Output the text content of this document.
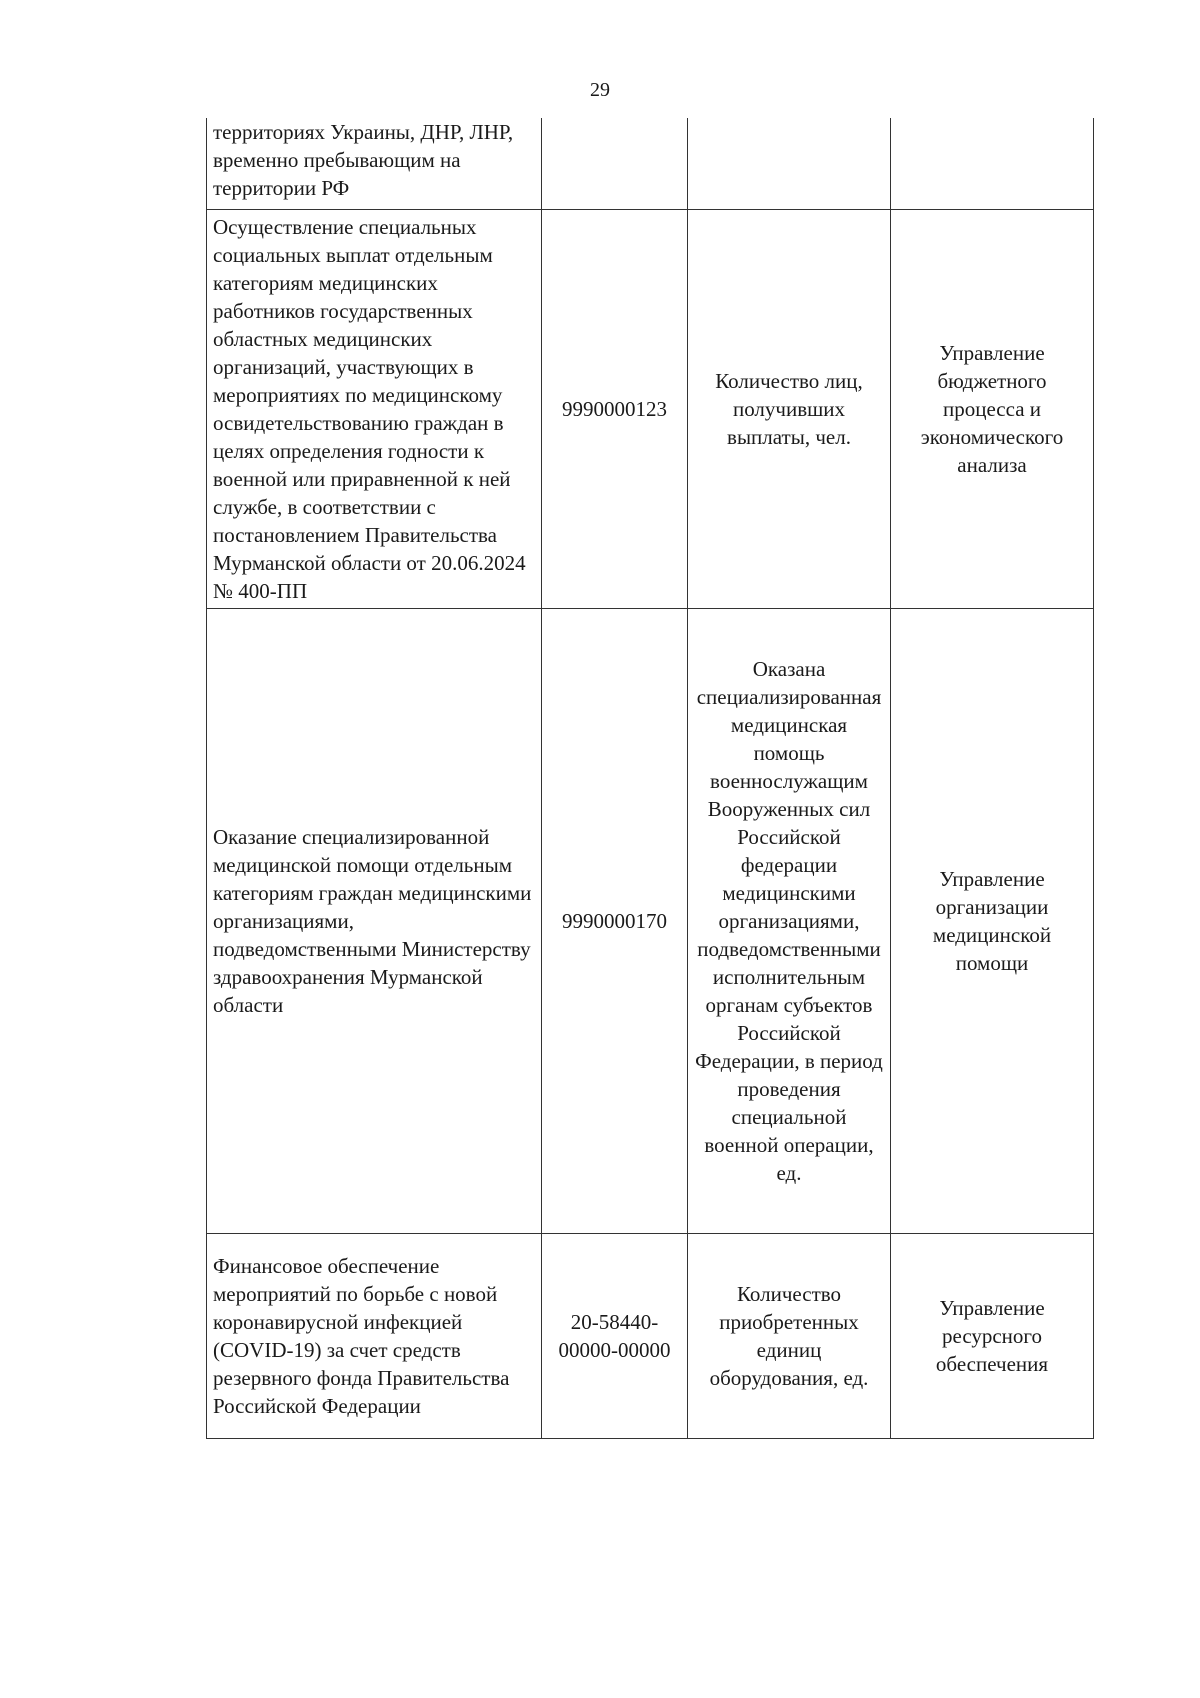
29
территориях Украины, ДНР, ЛНР, временно пребывающим на территории РФ			
Осуществление специальных социальных выплат отдельным категориям медицинских работников государственных областных медицинских организаций, участвующих в мероприятиях по медицинскому освидетельствованию граждан в целях определения годности к военной или приравненной к ней службе, в соответствии с постановлением Правительства Мурманской области от 20.06.2024 № 400-ПП	9990000123	Количество лиц, получивших выплаты, чел.	Управление бюджетного процесса и экономического анализа
Оказание специализированной медицинской помощи отдельным категориям граждан медицинскими организациями, подведомственными Министерству здравоохранения Мурманской области	9990000170	Оказана специализированная медицинская помощь военнослужащим Вооруженных сил Российской федерации медицинскими организациями, подведомственными исполнительным органам субъектов Российской Федерации, в период проведения специальной военной операции, ед.	Управление организации медицинской помощи
Финансовое обеспечение мероприятий по борьбе с новой коронавирусной инфекцией (COVID-19) за счет средств резервного фонда Правительства Российской Федерации	20-58440-00000-00000	Количество приобретенных единиц оборудования, ед.	Управление ресурсного обеспечения
